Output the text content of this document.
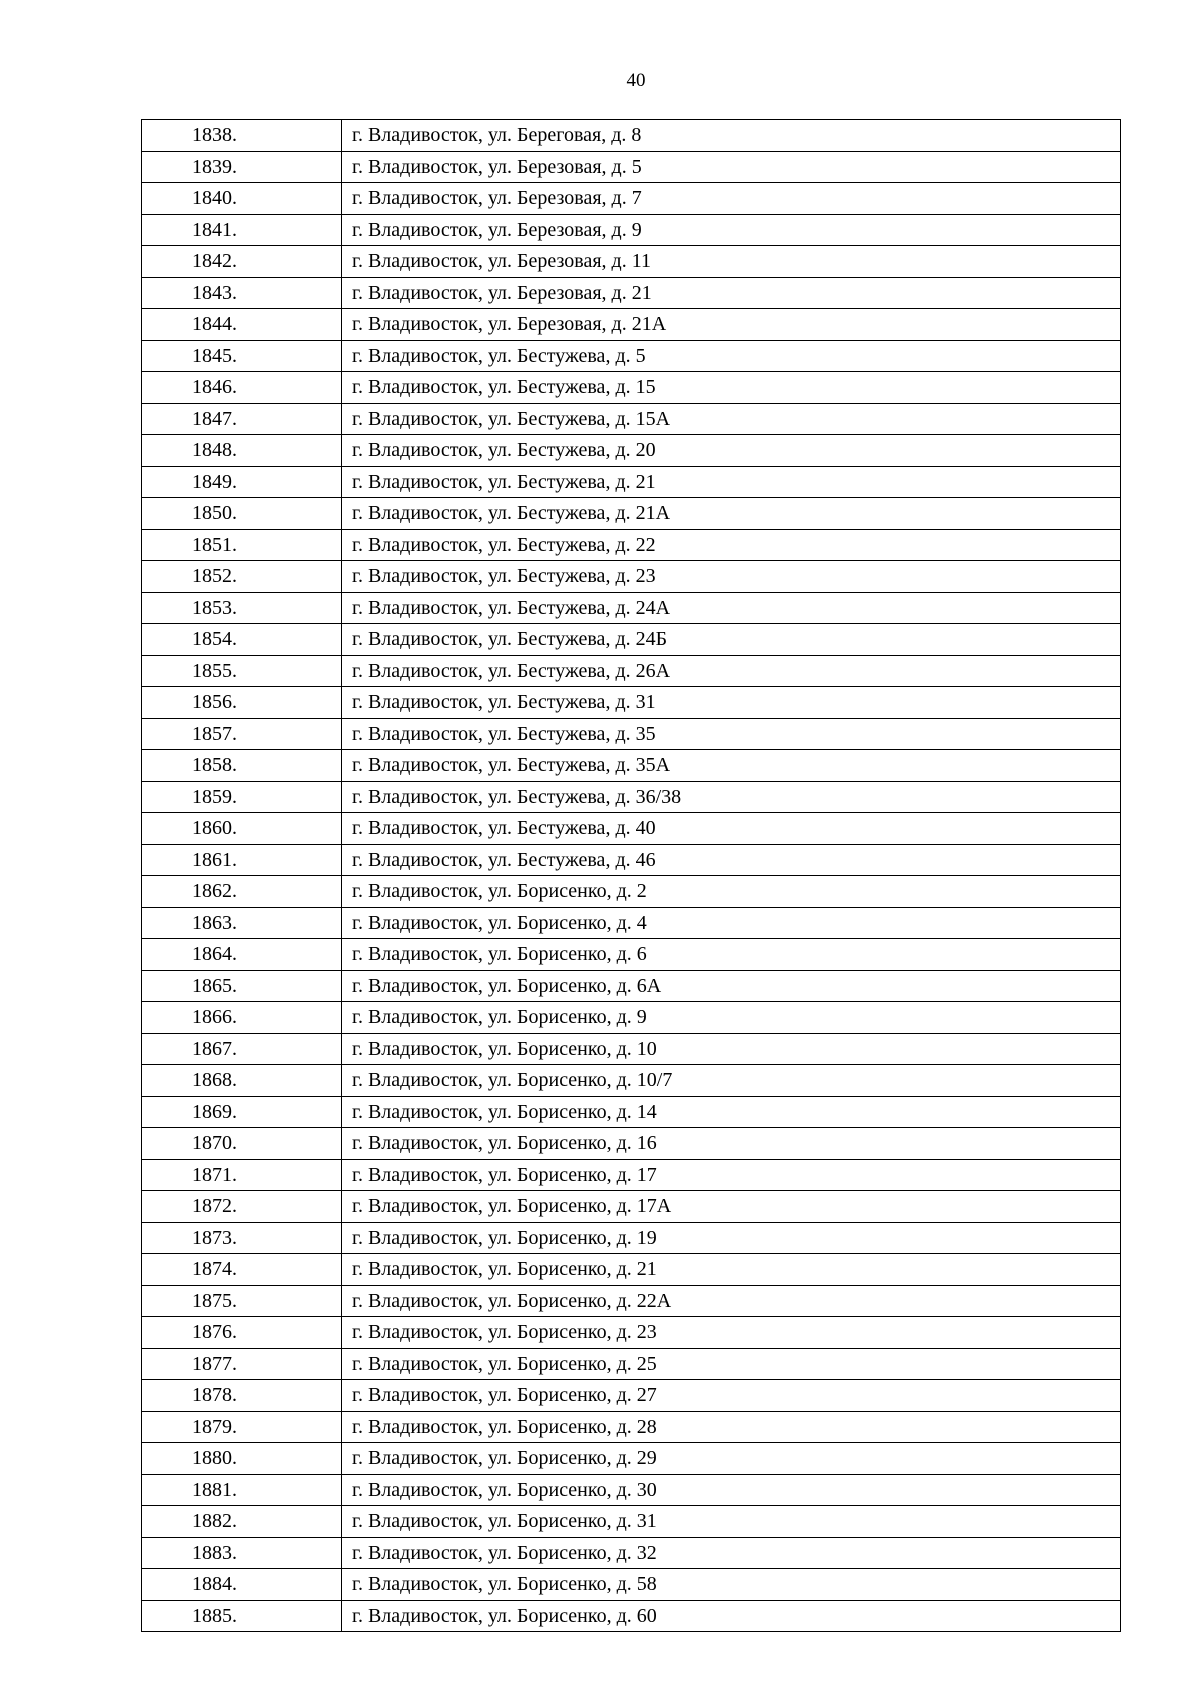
40
1838.	г. Владивосток, ул. Береговая, д. 8
1839.	г. Владивосток, ул. Березовая, д. 5
1840.	г. Владивосток, ул. Березовая, д. 7
1841.	г. Владивосток, ул. Березовая, д. 9
1842.	г. Владивосток, ул. Березовая, д. 11
1843.	г. Владивосток, ул. Березовая, д. 21
1844.	г. Владивосток, ул. Березовая, д. 21А
1845.	г. Владивосток, ул. Бестужева, д. 5
1846.	г. Владивосток, ул. Бестужева, д. 15
1847.	г. Владивосток, ул. Бестужева, д. 15А
1848.	г. Владивосток, ул. Бестужева, д. 20
1849.	г. Владивосток, ул. Бестужева, д. 21
1850.	г. Владивосток, ул. Бестужева, д. 21А
1851.	г. Владивосток, ул. Бестужева, д. 22
1852.	г. Владивосток, ул. Бестужева, д. 23
1853.	г. Владивосток, ул. Бестужева, д. 24А
1854.	г. Владивосток, ул. Бестужева, д. 24Б
1855.	г. Владивосток, ул. Бестужева, д. 26А
1856.	г. Владивосток, ул. Бестужева, д. 31
1857.	г. Владивосток, ул. Бестужева, д. 35
1858.	г. Владивосток, ул. Бестужева, д. 35А
1859.	г. Владивосток, ул. Бестужева, д. 36/38
1860.	г. Владивосток, ул. Бестужева, д. 40
1861.	г. Владивосток, ул. Бестужева, д. 46
1862.	г. Владивосток, ул. Борисенко, д. 2
1863.	г. Владивосток, ул. Борисенко, д. 4
1864.	г. Владивосток, ул. Борисенко, д. 6
1865.	г. Владивосток, ул. Борисенко, д. 6А
1866.	г. Владивосток, ул. Борисенко, д. 9
1867.	г. Владивосток, ул. Борисенко, д. 10
1868.	г. Владивосток, ул. Борисенко, д. 10/7
1869.	г. Владивосток, ул. Борисенко, д. 14
1870.	г. Владивосток, ул. Борисенко, д. 16
1871.	г. Владивосток, ул. Борисенко, д. 17
1872.	г. Владивосток, ул. Борисенко, д. 17А
1873.	г. Владивосток, ул. Борисенко, д. 19
1874.	г. Владивосток, ул. Борисенко, д. 21
1875.	г. Владивосток, ул. Борисенко, д. 22А
1876.	г. Владивосток, ул. Борисенко, д. 23
1877.	г. Владивосток, ул. Борисенко, д. 25
1878.	г. Владивосток, ул. Борисенко, д. 27
1879.	г. Владивосток, ул. Борисенко, д. 28
1880.	г. Владивосток, ул. Борисенко, д. 29
1881.	г. Владивосток, ул. Борисенко, д. 30
1882.	г. Владивосток, ул. Борисенко, д. 31
1883.	г. Владивосток, ул. Борисенко, д. 32
1884.	г. Владивосток, ул. Борисенко, д. 58
1885.	г. Владивосток, ул. Борисенко, д. 60
